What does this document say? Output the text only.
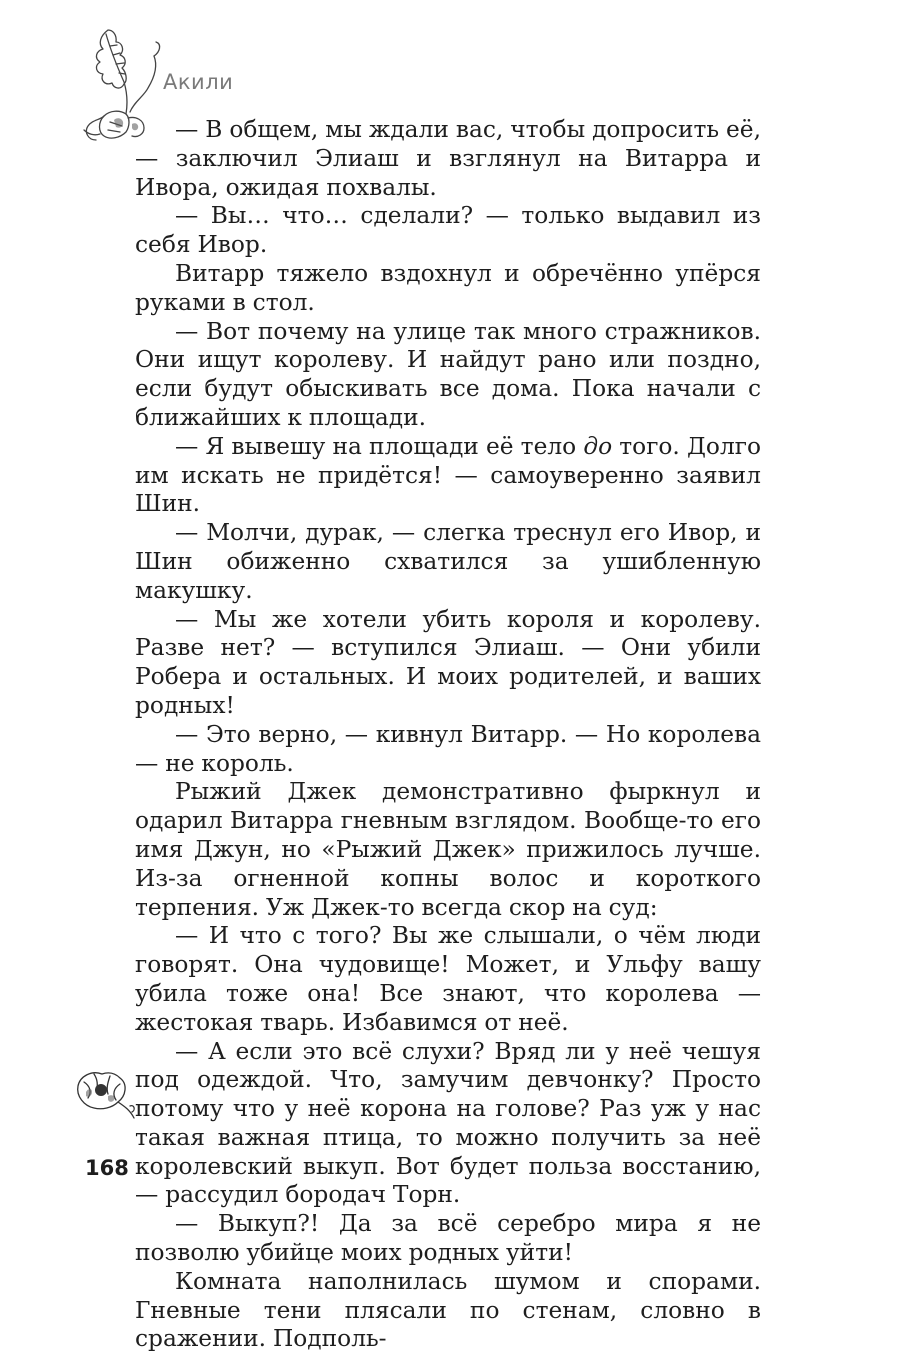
Акили

— В общем, мы ждали вас, чтобы допросить её, — заключил Элиаш и взглянул на Витарра и Ивора, ожидая похвалы.

— Вы… что… сделали? — только выдавил из себя Ивор.

Витарр тяжело вздохнул и обречённо упёрся руками в стол.

— Вот почему на улице так много стражников. Они ищут королеву. И найдут рано или поздно, если будут обыскивать все дома. Пока начали с ближайших к площади.

— Я вывешу на площади её тело до того. Долго им искать не придётся! — самоуверенно заявил Шин.

— Молчи, дурак, — слегка треснул его Ивор, и Шин обиженно схватился за ушибленную макушку.

— Мы же хотели убить короля и королеву. Разве нет? — вступился Элиаш. — Они убили Робера и остальных. И моих родителей, и ваших родных!

— Это верно, — кивнул Витарр. — Но королева — не король.

Рыжий Джек демонстративно фыркнул и одарил Витарра гневным взглядом. Вообще-то его имя Джун, но «Рыжий Джек» прижилось лучше. Из-за огненной копны волос и короткого терпения. Уж Джек-то всегда скор на суд:

— И что с того? Вы же слышали, о чём люди говорят. Она чудовище! Может, и Ульфу вашу убила тоже она! Все знают, что королева — жестокая тварь. Избавимся от неё.

— А если это всё слухи? Вряд ли у неё чешуя под одеждой. Что, замучим девчонку? Просто потому что у неё корона на голове? Раз уж у нас такая важная птица, то можно получить за неё королевский выкуп. Вот будет польза восстанию, — рассудил бородач Торн.

— Выкуп?! Да за всё серебро мира я не позволю убийце моих родных уйти!

Комната наполнилась шумом и спорами. Гневные тени плясали по стенам, словно в сражении. Подполь-

168
